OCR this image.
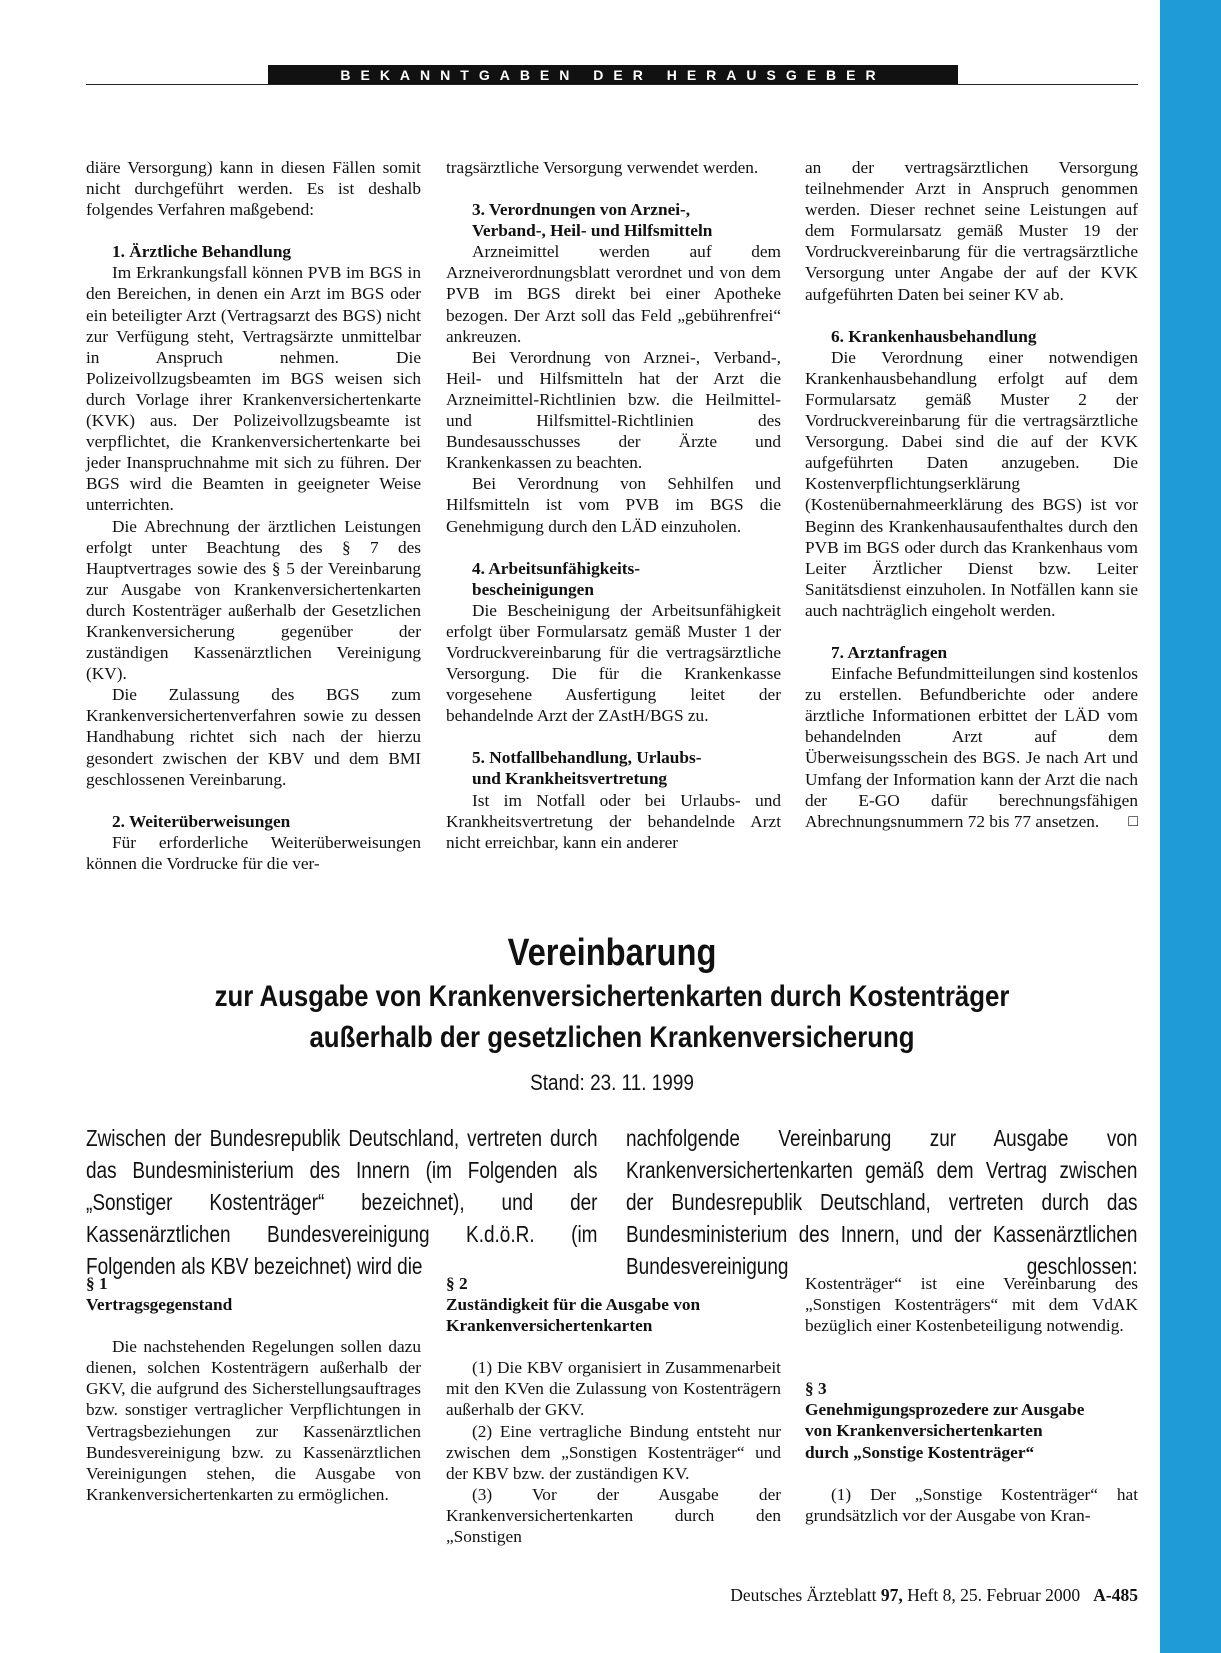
BEKANNTGABEN DER HERAUSGEBER

diäre Versorgung) kann in diesen Fällen somit nicht durchgeführt werden. Es ist deshalb folgendes Verfahren maßgebend:

1. Ärztliche Behandlung

Im Erkrankungsfall können PVB im BGS in den Bereichen, in denen ein Arzt im BGS oder ein beteiligter Arzt (Vertragsarzt des BGS) nicht zur Verfügung steht, Vertragsärzte unmittelbar in Anspruch nehmen. Die Polizeivollzugsbeamten im BGS weisen sich durch Vorlage ihrer Krankenversichertenkarte (KVK) aus. Der Polizeivollzugsbeamte ist verpflichtet, die Krankenversichertenkarte bei jeder Inanspruchnahme mit sich zu führen. Der BGS wird die Beamten in geeigneter Weise unterrichten.

Die Abrechnung der ärztlichen Leistungen erfolgt unter Beachtung des § 7 des Hauptvertrages sowie des § 5 der Vereinbarung zur Ausgabe von Krankenversichertenkarten durch Kostenträger außerhalb der Gesetzlichen Krankenversicherung gegenüber der zuständigen Kassenärztlichen Vereinigung (KV).

Die Zulassung des BGS zum Krankenversichertenverfahren sowie zu dessen Handhabung richtet sich nach der hierzu gesondert zwischen der KBV und dem BMI geschlossenen Vereinbarung.

2. Weiterüberweisungen

Für erforderliche Weiterüberweisungen können die Vordrucke für die ver-

tragsärztliche Versorgung verwendet werden.

3. Verordnungen von Arznei-,
Verband-, Heil- und Hilfsmitteln

Arzneimittel werden auf dem Arzneiverordnungsblatt verordnet und von dem PVB im BGS direkt bei einer Apotheke bezogen. Der Arzt soll das Feld „gebührenfrei“ ankreuzen.

Bei Verordnung von Arznei-, Verband-, Heil- und Hilfsmitteln hat der Arzt die Arzneimittel-Richtlinien bzw. die Heilmittel- und Hilfsmittel-Richtlinien des Bundesausschusses der Ärzte und Krankenkassen zu beachten.

Bei Verordnung von Sehhilfen und Hilfsmitteln ist vom PVB im BGS die Genehmigung durch den LÄD einzuholen.

4. Arbeitsunfähigkeits-
bescheinigungen

Die Bescheinigung der Arbeitsunfähigkeit erfolgt über Formularsatz gemäß Muster 1 der Vordruckvereinbarung für die vertragsärztliche Versorgung. Die für die Krankenkasse vorgesehene Ausfertigung leitet der behandelnde Arzt der ZAstH/BGS zu.

5. Notfallbehandlung, Urlaubs-
und Krankheitsvertretung

Ist im Notfall oder bei Urlaubs- und Krankheitsvertretung der behandelnde Arzt nicht erreichbar, kann ein anderer

an der vertragsärztlichen Versorgung teilnehmender Arzt in Anspruch genommen werden. Dieser rechnet seine Leistungen auf dem Formularsatz gemäß Muster 19 der Vordruckvereinbarung für die vertragsärztliche Versorgung unter Angabe der auf der KVK aufgeführten Daten bei seiner KV ab.

6. Krankenhausbehandlung

Die Verordnung einer notwendigen Krankenhausbehandlung erfolgt auf dem Formularsatz gemäß Muster 2 der Vordruckvereinbarung für die vertragsärztliche Versorgung. Dabei sind die auf der KVK aufgeführten Daten anzugeben. Die Kostenverpflichtungserklärung (Kostenübernahmeerklärung des BGS) ist vor Beginn des Krankenhausaufenthaltes durch den PVB im BGS oder durch das Krankenhaus vom Leiter Ärztlicher Dienst bzw. Leiter Sanitätsdienst einzuholen. In Notfällen kann sie auch nachträglich eingeholt werden.

7. Arztanfragen

Einfache Befundmitteilungen sind kostenlos zu erstellen. Befundberichte oder andere ärztliche Informationen erbittet der LÄD vom behandelnden Arzt auf dem Überweisungsschein des BGS. Je nach Art und Umfang der Information kann der Arzt die nach der E-GO dafür berechnungsfähigen Abrechnungsnummern 72 bis 77 ansetzen.	□

Vereinbarung
zur Ausgabe von Krankenversichertenkarten durch Kostenträger
außerhalb der gesetzlichen Krankenversicherung
Stand: 23. 11. 1999
Zwischen der Bundesrepublik Deutschland, vertreten durch das Bundesministerium des Innern (im Folgenden als „Sonstiger Kostenträger“ bezeichnet), und der Kassenärztlichen Bundesvereinigung K.d.ö.R. (im Folgenden als KBV bezeichnet) wird die
nachfolgende Vereinbarung zur Ausgabe von Krankenversichertenkarten gemäß dem Vertrag zwischen der Bundesrepublik Deutschland, vertreten durch das Bundesministerium des Innern, und der Kassenärztlichen Bundesvereinigung geschlossen:

§ 1

Vertragsgegenstand

Die nachstehenden Regelungen sollen dazu dienen, solchen Kostenträgern außerhalb der GKV, die aufgrund des Sicherstellungsauftrages bzw. sonstiger vertraglicher Verpflichtungen in Vertragsbeziehungen zur Kassenärztlichen Bundesvereinigung bzw. zu Kassenärztlichen Vereinigungen stehen, die Ausgabe von Krankenversichertenkarten zu ermöglichen.

§ 2

Zuständigkeit für die Ausgabe von

Krankenversichertenkarten

(1) Die KBV organisiert in Zusammenarbeit mit den KVen die Zulassung von Kostenträgern außerhalb der GKV.

(2) Eine vertragliche Bindung entsteht nur zwischen dem „Sonstigen Kostenträger“ und der KBV bzw. der zuständigen KV.

(3) Vor der Ausgabe der Krankenversichertenkarten durch den „Sonstigen

Kostenträger“ ist eine Vereinbarung des „Sonstigen Kostenträgers“ mit dem VdAK bezüglich einer Kostenbeteiligung notwendig.

§ 3

Genehmigungsprozedere zur Ausgabe

von Krankenversichertenkarten

durch „Sonstige Kostenträger“

(1) Der „Sonstige Kostenträger“ hat grundsätzlich vor der Ausgabe von Kran-

Deutsches Ärzteblatt 97, Heft 8, 25. Februar 2000 A-485
